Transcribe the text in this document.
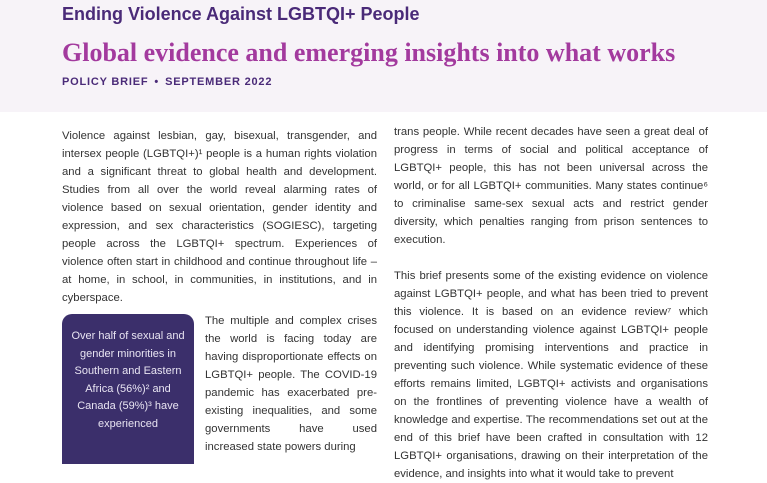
Ending Violence Against LGBTQI+ People
Global evidence and emerging insights into what works
POLICY BRIEF • SEPTEMBER 2022

Violence against lesbian, gay, bisexual, transgender, and intersex people (LGBTQI+)¹ people is a human rights violation and a significant threat to global health and development. Studies from all over the world reveal alarming rates of violence based on sexual orientation, gender identity and expression, and sex characteristics (SOGIESC), targeting people across the LGBTQI+ spectrum. Experiences of violence often start in childhood and continue throughout life – at home, in school, in communities, in institutions, and in cyberspace.

Over half of sexual and gender minorities in Southern and Eastern Africa (56%)² and Canada (59%)³ have experienced

The multiple and complex crises the world is facing today are having disproportionate effects on LGBTQI+ people. The COVID-19 pandemic has exacerbated pre-existing inequalities, and some governments have used increased state powers during

trans people. While recent decades have seen a great deal of progress in terms of social and political acceptance of LGBTQI+ people, this has not been universal across the world, or for all LGBTQI+ communities. Many states continue⁶ to criminalise same-sex sexual acts and restrict gender diversity, which penalties ranging from prison sentences to execution.

This brief presents some of the existing evidence on violence against LGBTQI+ people, and what has been tried to prevent this violence. It is based on an evidence review⁷ which focused on understanding violence against LGBTQI+ people and identifying promising interventions and practice in preventing such violence. While systematic evidence of these efforts remains limited, LGBTQI+ activists and organisations on the frontlines of preventing violence have a wealth of knowledge and expertise. The recommendations set out at the end of this brief have been crafted in consultation with 12 LGBTQI+ organisations, drawing on their interpretation of the evidence, and insights into what it would take to prevent
